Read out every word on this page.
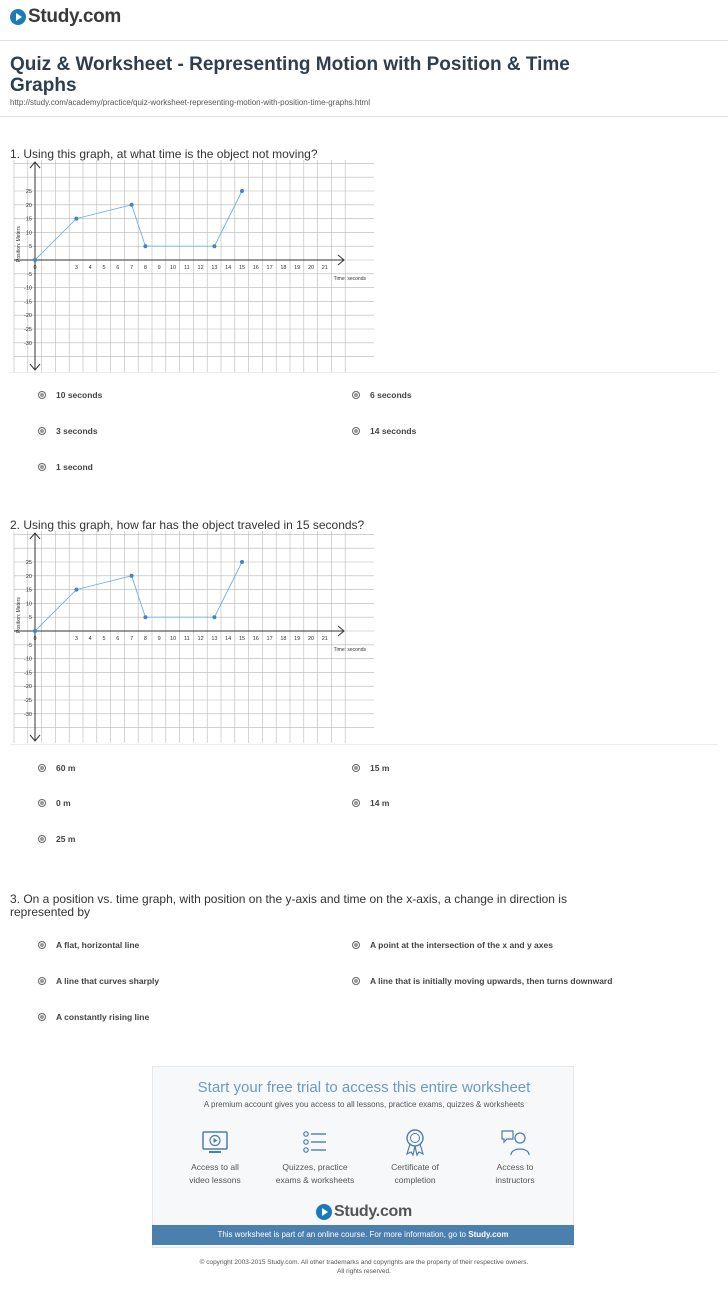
Study.com
Quiz & Worksheet - Representing Motion with Position & Time Graphs
http://study.com/academy/practice/quiz-worksheet-representing-motion-with-position-time-graphs.html
1. Using this graph, at what time is the object not moving?
25
20
15
10
5
-5
-10
-15
-20
-25
-30
0	3 4 5 6 7 8 9 10 11 12 13 14 15 16 17 18 19 20 21
Position: Meters
Time: seconds
10 seconds	6 seconds
3 seconds	14 seconds
1 second
2. Using this graph, how far has the object traveled in 15 seconds?
25
20
15
10
5
-5
-10
-15
-20
-25
-30
0	3 4 5 6 7 8 9 10 11 12 13 14 15 16 17 18 19 20 21
Position: Meters
Time: seconds
60 m	15 m
0 m	14 m
25 m
3. On a position vs. time graph, with position on the y-axis and time on the x-axis, a change in direction is represented by
A flat, horizontal line	A point at the intersection of the x and y axes
A line that curves sharply	A line that is initially moving upwards, then turns downward
A constantly rising line
Start your free trial to access this entire worksheet
A premium account gives you access to all lessons, practice exams, quizzes & worksheets
Access to all
video lessons
Quizzes, practice
exams & worksheets
Certificate of
completion
Access to
instructors
Study.com
This worksheet is part of an online course. For more information, go to Study.com
© copyright 2003-2015 Study.com. All other trademarks and copyrights are the property of their respective owners.
All rights reserved.
